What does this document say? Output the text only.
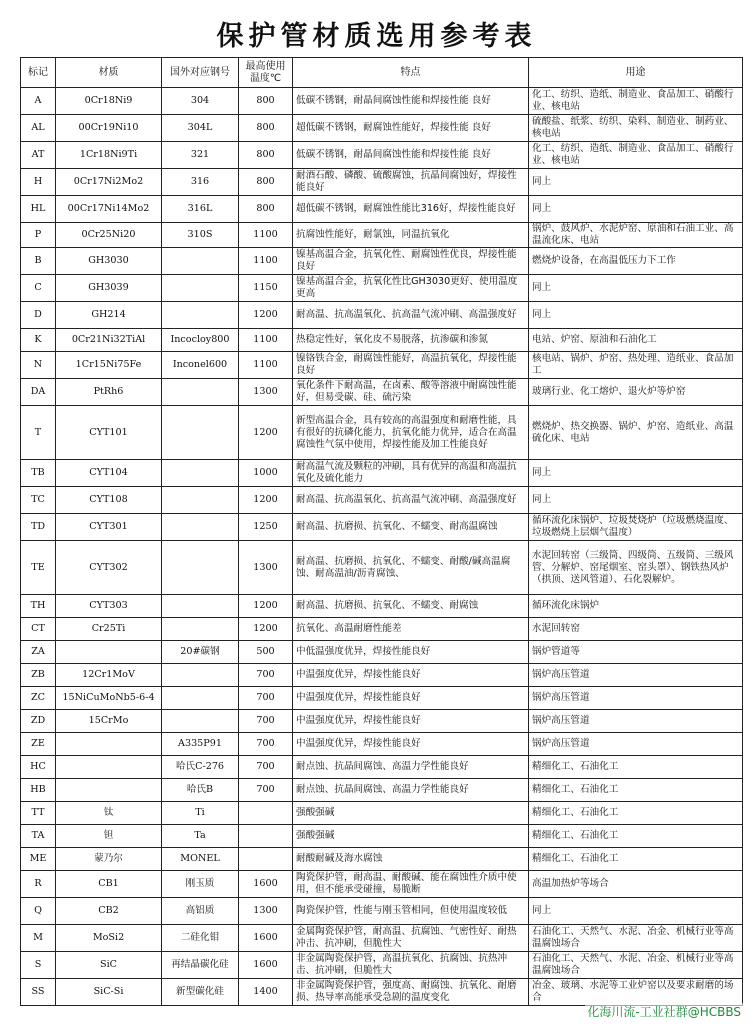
保护管材质选用参考表
标记	材质	国外对应钢号	最高使用温度℃	特点	用途
A	0Cr18Ni9	304	800	低碳不锈钢，耐晶间腐蚀性能和焊接性能 良好	化工、纺织、造纸、制造业、食品加工、硝酸行业、核电站
AL	00Cr19Ni10	304L	800	超低碳不锈钢，耐腐蚀性能好，焊接性能 良好	硫酸盐、纸浆、纺织、染料、制造业、制药业、核电站
AT	1Cr18Ni9Ti	321	800	低碳不锈钢，耐晶间腐蚀性能和焊接性能 良好	化工、纺织、造纸、制造业、食品加工、硝酸行业、核电站
H	0Cr17Ni2Mo2	316	800	耐酒石酸、磷酸、硫酸腐蚀，抗晶间腐蚀好，焊接性能良好	同上
HL	00Cr17Ni14Mo2	316L	800	超低碳不锈钢，耐腐蚀性能比316好，焊接性能良好	同上
P	0Cr25Ni20	310S	1100	抗腐蚀性能好，耐氯蚀，同温抗氧化	锅炉、鼓风炉、水泥炉窑、原油和石油工业、高温流化床、电站
B	GH3030		1100	镍基高温合金，抗氧化性、耐腐蚀性优良，焊接性能良好	燃烧炉设备，在高温低压力下工作
C	GH3039		1150	镍基高温合金，抗氧化性比GH3030更好、使用温度更高	同上
D	GH214		1200	耐高温、抗高温氧化、抗高温气流冲刷、高温强度好	同上
K	0Cr21Ni32TiAl	Incocloy800	1100	热稳定性好，氧化皮不易脱落，抗渗碳和渗氮	电站、炉窑、原油和石油化工
N	1Cr15Ni75Fe	Inconel600	1100	镍铬铁合金，耐腐蚀性能好，高温抗氧化，焊接性能良好	核电站、锅炉、炉窑、热处理、造纸业、食品加工
DA	PtRh6		1300	氧化条件下耐高温，在卤素、酸等溶液中耐腐蚀性能好，但易受碳、硅、硫污染	玻璃行业、化工熔炉、退火炉等炉窑
T	CYT101		1200	新型高温合金，具有较高的高温强度和耐磨性能，具有很好的抗磷化能力，抗氧化能力优异，适合在高温腐蚀性气氛中使用，焊接性能及加工性能良好	燃烧炉、热交换器、锅炉、炉窑、造纸业、高温硫化床、电站
TB	CYT104		1000	耐高温气流及颗粒的冲刷，具有优异的高温和高温抗氧化及硫化能力	同上
TC	CYT108		1200	耐高温、抗高温氧化、抗高温气流冲刷、高温强度好	同上
TD	CYT301		1250	耐高温、抗磨损、抗氧化、不蠕变、耐高温腐蚀	循环流化床锅炉、垃圾焚烧炉（垃圾燃烧温度、垃圾燃烧上层烟气温度）
TE	CYT302		1300	耐高温、抗磨损、抗氧化、不蠕变、耐酸/碱高温腐蚀、耐高温油/沥青腐蚀、	水泥回转窑（三级筒、四级筒、五级筒、三级风管、分解炉、窑尾烟室、窑头罩）、钢铁热风炉（拱顶、送风管道）、石化裂解炉。
TH	CYT303		1200	耐高温、抗磨损、抗氧化、不蠕变、耐腐蚀	循环流化床锅炉
CT	Cr25Ti		1200	抗氧化、高温耐磨性能差	水泥回转窑
ZA		20#碳钢	500	中低温强度优异，焊接性能良好	锅炉管道等
ZB	12Cr1MoV		700	中温强度优异，焊接性能良好	锅炉高压管道
ZC	15NiCuMoNb5-6-4		700	中温强度优异，焊接性能良好	锅炉高压管道
ZD	15CrMo		700	中温强度优异，焊接性能良好	锅炉高压管道
ZE		A335P91	700	中温强度优异，焊接性能良好	锅炉高压管道
HC		哈氏C-276	700	耐点蚀、抗晶间腐蚀、高温力学性能良好	精细化工、石油化工
HB		哈氏B	700	耐点蚀、抗晶间腐蚀、高温力学性能良好	精细化工、石油化工
TT	钛	Ti		强酸强碱	精细化工、石油化工
TA	钽	Ta		强酸强碱	精细化工、石油化工
ME	蒙乃尔	MONEL		耐酸耐碱及海水腐蚀	精细化工、石油化工
R	CB1	刚玉质	1600	陶瓷保护管，耐高温、耐酸碱、能在腐蚀性介质中使用，但不能承受碰撞，易脆断	高温加热炉等场合
Q	CB2	高铝质	1300	陶瓷保护管，性能与刚玉管相同，但使用温度较低	同上
M	MoSi2	二硅化钼	1600	金属陶瓷保护管，耐高温、抗腐蚀、气密性好、耐热冲击、抗冲刷，但脆性大	石油化工、天然气、水泥、冶金、机械行业等高温腐蚀场合
S	SiC	再结晶碳化硅	1600	非金属陶瓷保护管，高温抗氧化、抗腐蚀、抗热冲击、抗冲刷，但脆性大	石油化工、天然气、水泥、冶金、机械行业等高温腐蚀场合
SS	SiC-Si	新型碳化硅	1400	非金属陶瓷保护管，强度高、耐腐蚀、抗氧化、耐磨损、热导率高能承受急剧的温度变化	冶金、玻璃、水泥等工业炉窑以及要求耐磨的场合
化海川流-工业社群@HCBBS
